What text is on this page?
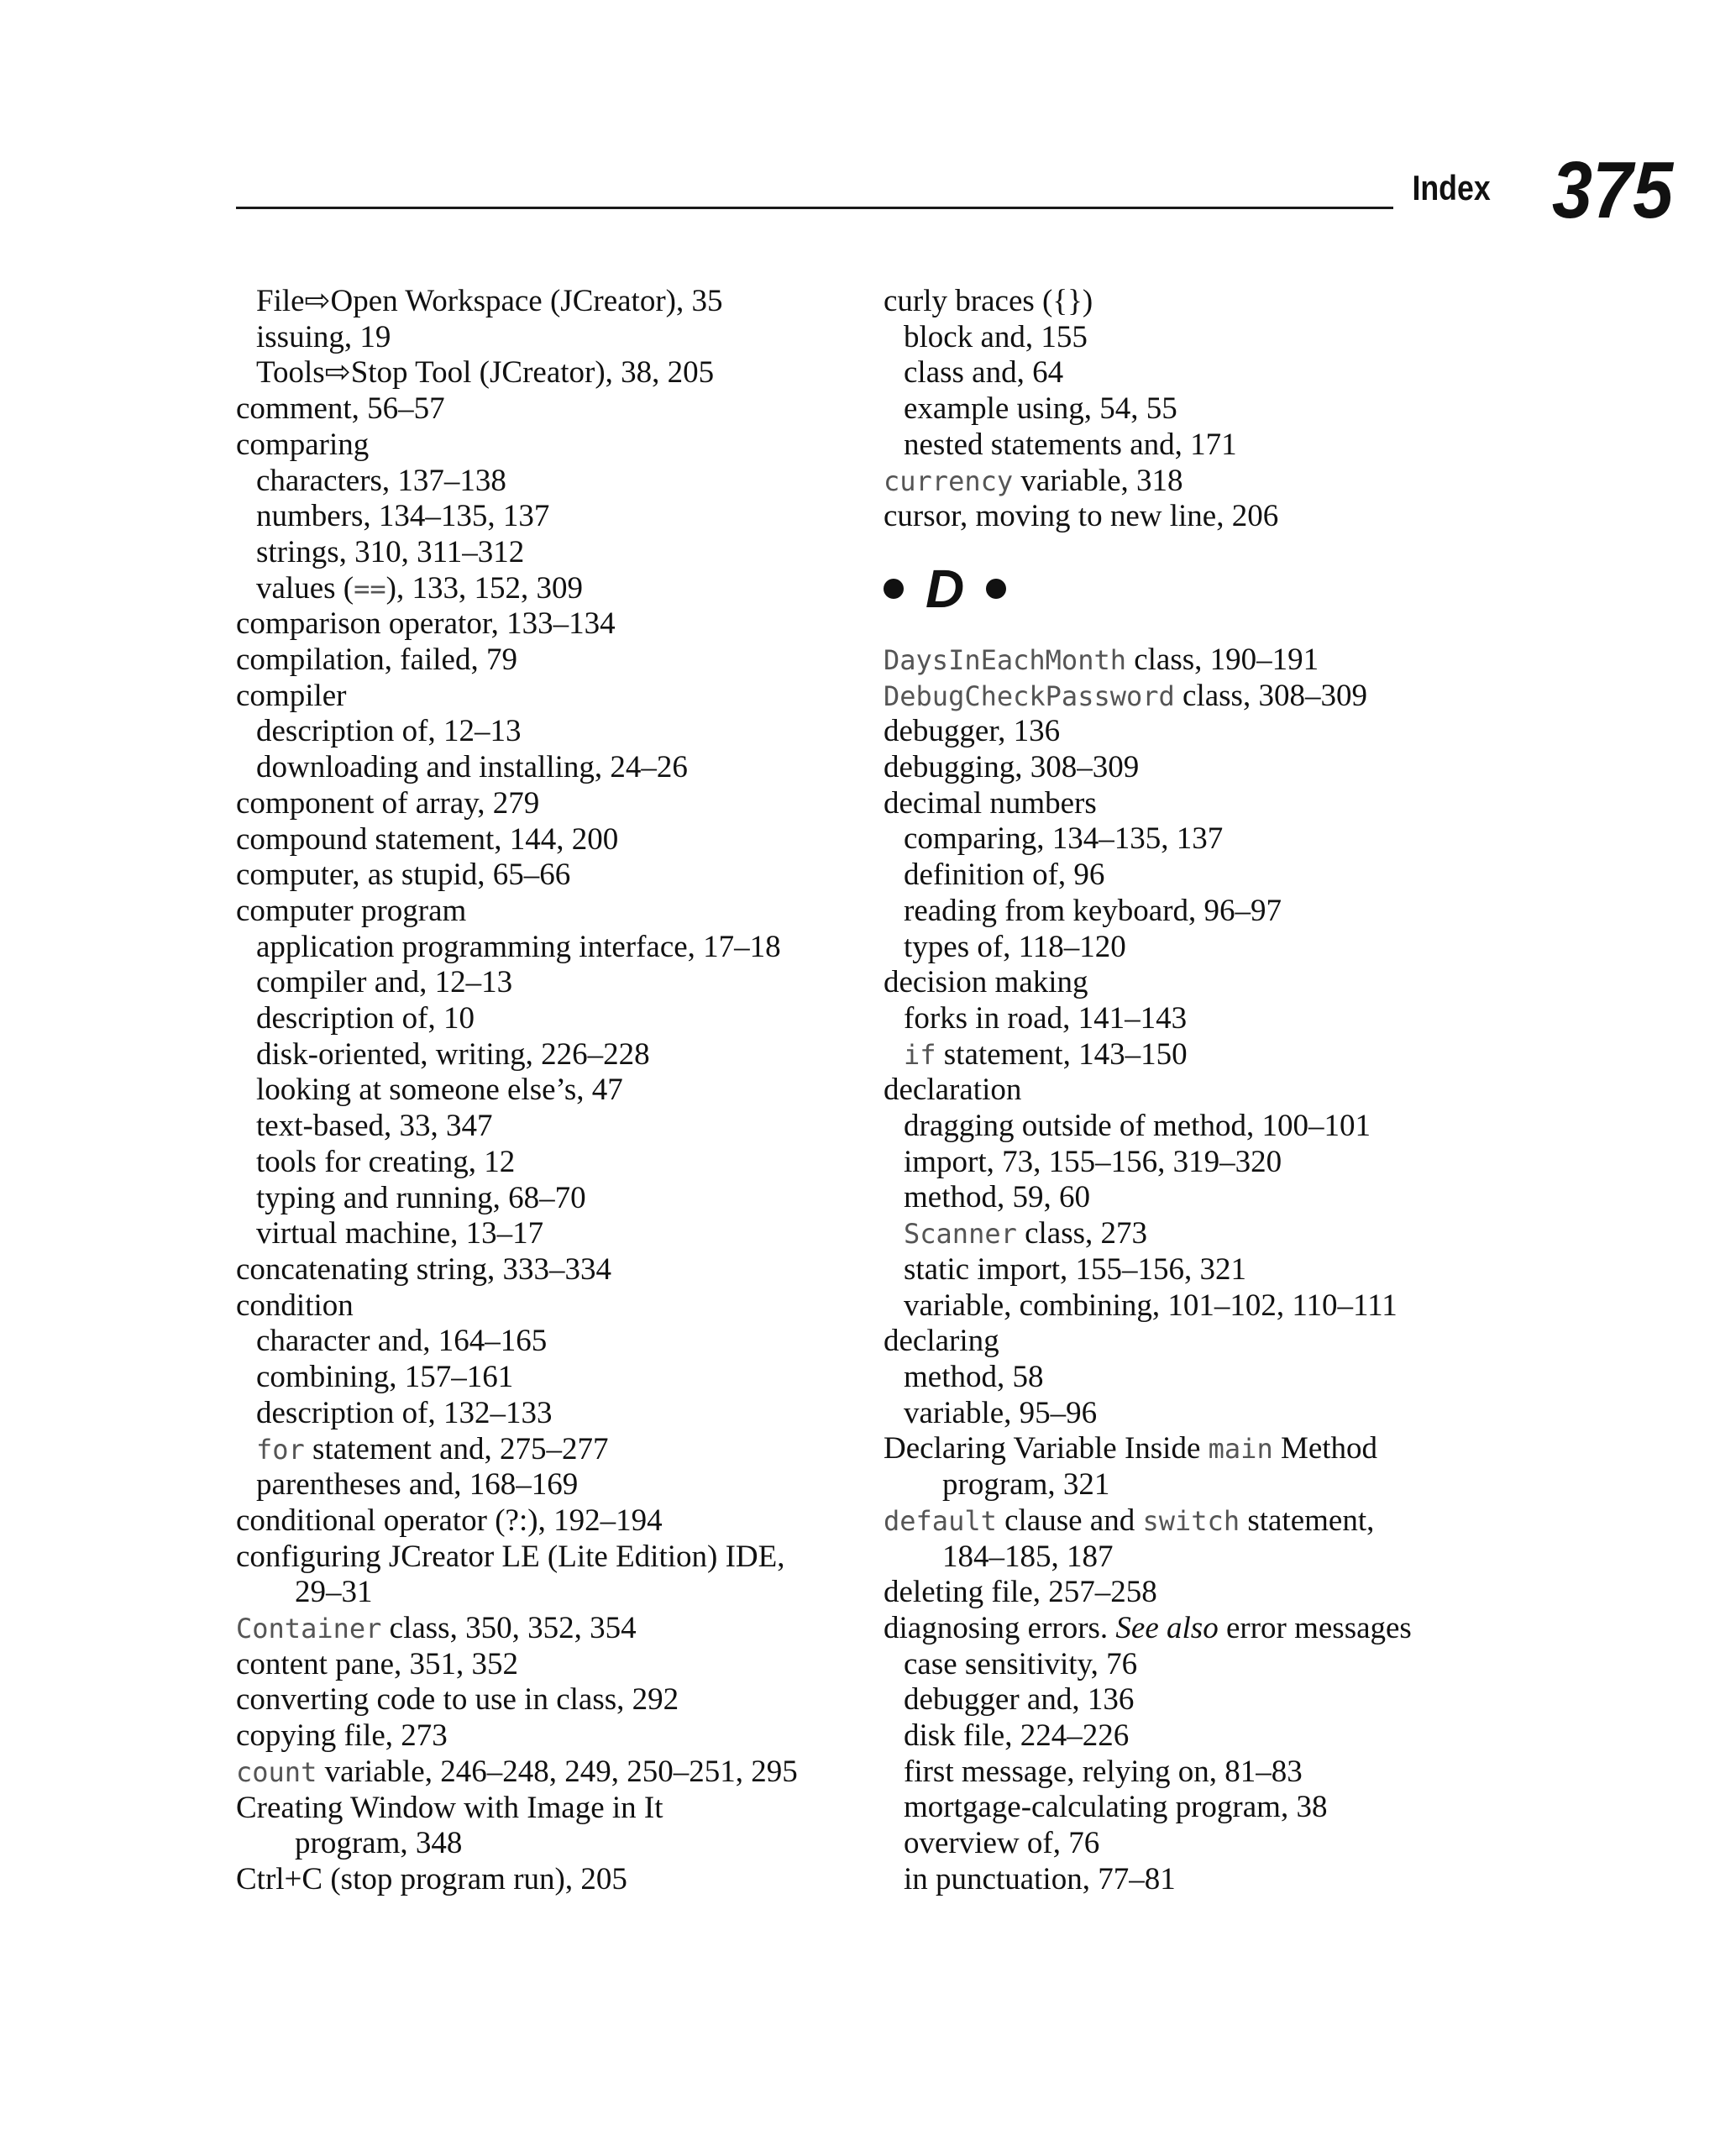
Index 375
File⇨Open Workspace (JCreator), 35
issuing, 19
Tools⇨Stop Tool (JCreator), 38, 205
comment, 56–57
comparing
characters, 137–138
numbers, 134–135, 137
strings, 310, 311–312
values (==), 133, 152, 309
comparison operator, 133–134
compilation, failed, 79
compiler
description of, 12–13
downloading and installing, 24–26
component of array, 279
compound statement, 144, 200
computer, as stupid, 65–66
computer program
application programming interface, 17–18
compiler and, 12–13
description of, 10
disk-oriented, writing, 226–228
looking at someone else’s, 47
text-based, 33, 347
tools for creating, 12
typing and running, 68–70
virtual machine, 13–17
concatenating string, 333–334
condition
character and, 164–165
combining, 157–161
description of, 132–133
for statement and, 275–277
parentheses and, 168–169
conditional operator (?:), 192–194
configuring JCreator LE (Lite Edition) IDE,
29–31
Container class, 350, 352, 354
content pane, 351, 352
converting code to use in class, 292
copying file, 273
count variable, 246–248, 249, 250–251, 295
Creating Window with Image in It
program, 348
Ctrl+C (stop program run), 205
curly braces ({})
block and, 155
class and, 64
example using, 54, 55
nested statements and, 171
currency variable, 318
cursor, moving to new line, 206
D
DaysInEachMonth class, 190–191
DebugCheckPassword class, 308–309
debugger, 136
debugging, 308–309
decimal numbers
comparing, 134–135, 137
definition of, 96
reading from keyboard, 96–97
types of, 118–120
decision making
forks in road, 141–143
if statement, 143–150
declaration
dragging outside of method, 100–101
import, 73, 155–156, 319–320
method, 59, 60
Scanner class, 273
static import, 155–156, 321
variable, combining, 101–102, 110–111
declaring
method, 58
variable, 95–96
Declaring Variable Inside main Method
program, 321
default clause and switch statement,
184–185, 187
deleting file, 257–258
diagnosing errors. See also error messages
case sensitivity, 76
debugger and, 136
disk file, 224–226
first message, relying on, 81–83
mortgage-calculating program, 38
overview of, 76
in punctuation, 77–81
